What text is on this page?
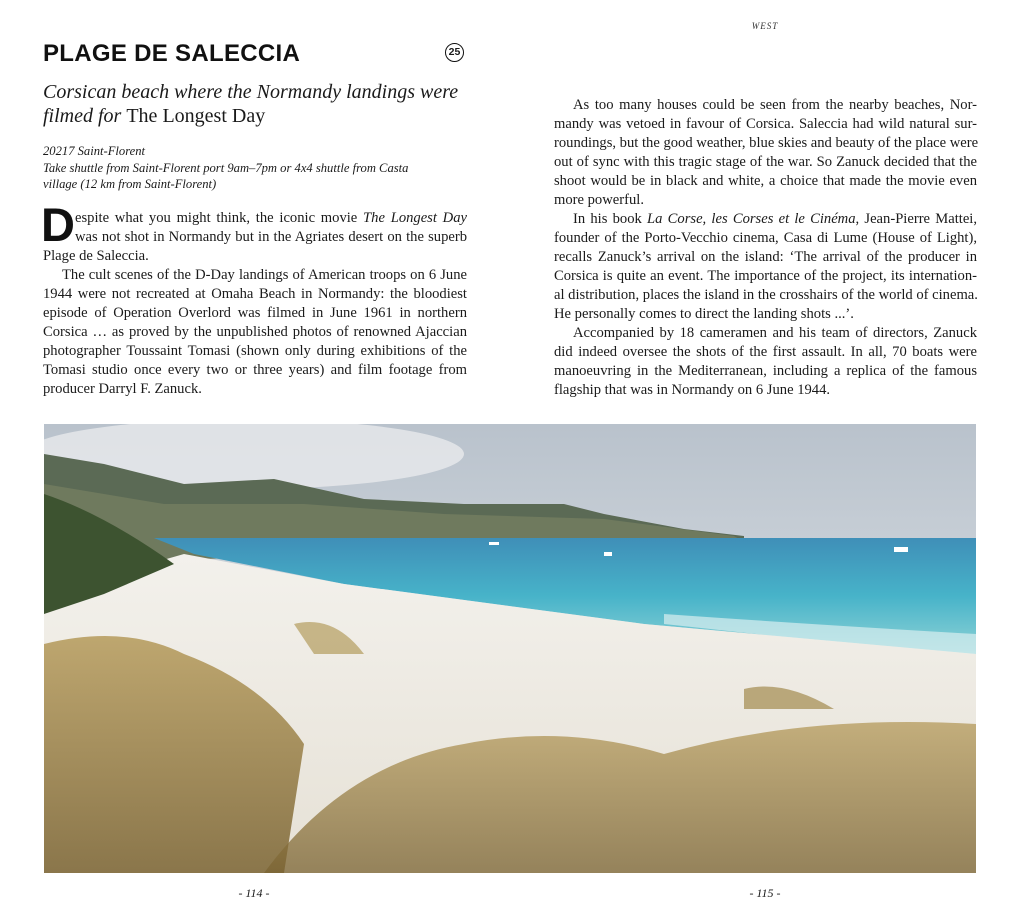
WEST
PLAGE DE SALECCIA	25
Corsican beach where the Normandy landings were
filmed for The Longest Day
20217 Saint-Florent
Take shuttle from Saint-Florent port 9am–7pm or 4x4 shuttle from Casta
village (12 km from Saint-Florent)
D espite what you might think, the iconic movie The Longest Day
was not shot in Normandy but in the Agriates desert on the superb
Plage de Saleccia.
The cult scenes of the D-Day landings of American troops on 6 June
1944 were not recreated at Omaha Beach in Normandy: the bloodiest
episode of Operation Overlord was filmed in June 1961 in northern
Corsica … as proved by the unpublished photos of renowned Ajaccian
photographer Toussaint Tomasi (shown only during exhibitions of the
Tomasi studio once every two or three years) and film footage from
producer Darryl F. Zanuck.
As too many houses could be seen from the nearby beaches, Nor-
mandy was vetoed in favour of Corsica. Saleccia had wild natural sur-
roundings, but the good weather, blue skies and beauty of the place were
out of sync with this tragic stage of the war. So Zanuck decided that the
shoot would be in black and white, a choice that made the movie even
more powerful.
In his book La Corse, les Corses et le Cinéma, Jean-Pierre Mattei,
founder of the Porto-Vecchio cinema, Casa di Lume (House of Light),
recalls Zanuck’s arrival on the island: ‘The arrival of the producer in
Corsica is quite an event. The importance of the project, its internation-
al distribution, places the island in the crosshairs of the world of cinema.
He personally comes to direct the landing shots ...’.
Accompanied by 18 cameramen and his team of directors, Zanuck
did indeed oversee the shots of the first assault. In all, 70 boats were
manoeuvring in the Mediterranean, including a replica of the famous
flagship that was in Normandy on 6 June 1944.
- 114 -	- 115 -
